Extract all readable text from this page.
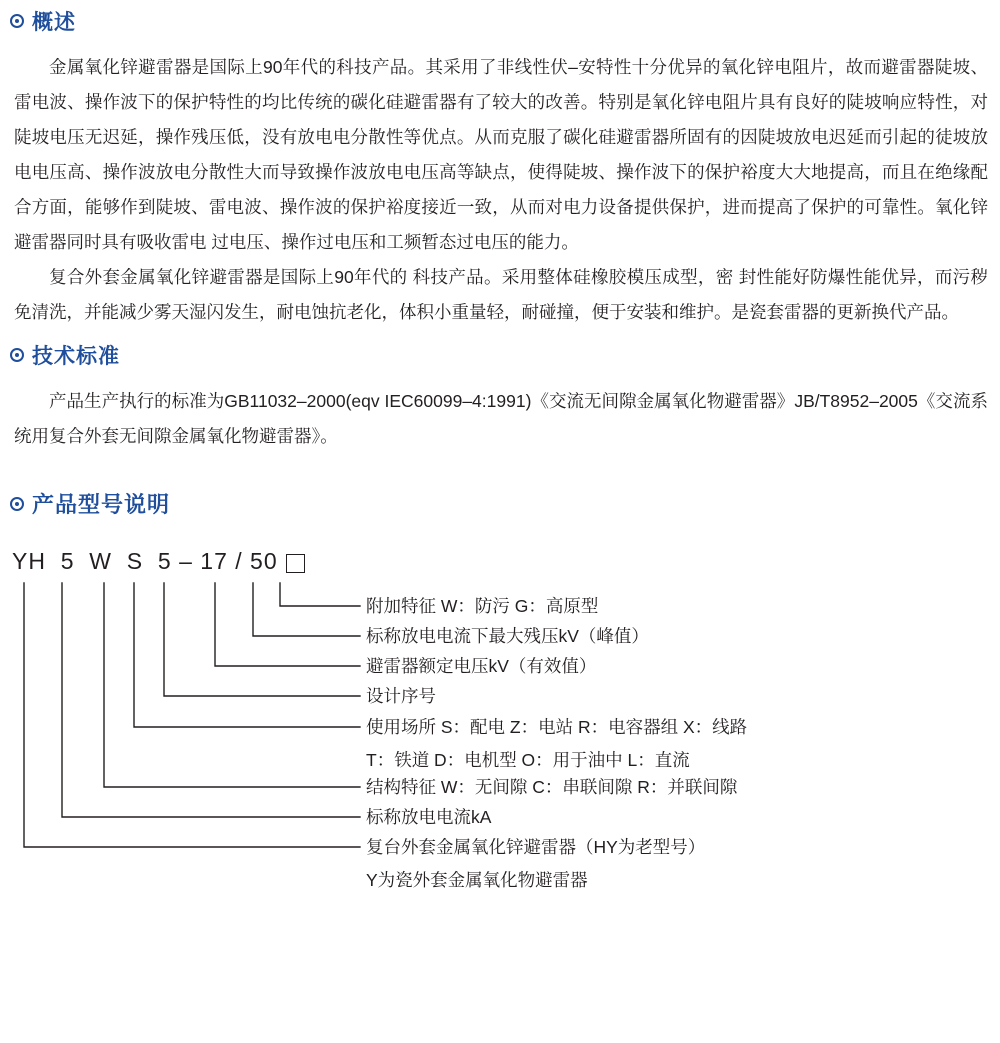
概述

金属氧化锌避雷器是国际上90年代的科技产品。其采用了非线性伏–安特性十分优异的氧化锌电阻片，故而避雷器陡坡、雷电波、操作波下的保护特性的均比传统的碳化硅避雷器有了较大的改善。特别是氧化锌电阻片具有良好的陡坡响应特性，对陡坡电压无迟延，操作残压低，没有放电电分散性等优点。从而克服了碳化硅避雷器所固有的因陡坡放电迟延而引起的徒坡放电电压高、操作波放电分散性大而导致操作波放电电压高等缺点，使得陡坡、操作波下的保护裕度大大地提高，而且在绝缘配合方面，能够作到陡坡、雷电波、操作波的保护裕度接近一致，从而对电力设备提供保护，进而提高了保护的可靠性。氧化锌避雷器同时具有吸收雷电 过电压、操作过电压和工频暂态过电压的能力。

复合外套金属氧化锌避雷器是国际上90年代的 科技产品。采用整体硅橡胶模压成型，密 封性能好防爆性能优异，而污秽免清洗，并能减少雾天湿闪发生，耐电蚀抗老化，体积小重量轻，耐碰撞，便于安装和维护。是瓷套雷器的更新换代产品。

技术标准

产品生产执行的标准为GB11032–2000(eqv IEC60099–4:1991)《交流无间隙金属氧化物避雷器》JB/T8952–2005《交流系统用复合外套无间隙金属氧化物避雷器》。

产品型号说明
YH  5  W  S  5 – 17 / 50
附加特征 W：防污 G：高原型
标称放电电流下最大残压kV（峰值）
避雷器额定电压kV（有效值）
设计序号
使用场所 S：配电 Z：电站 R：电容器组 X：线路
T：铁道 D：电机型 O：用于油中 L：直流
结构特征 W：无间隙 C：串联间隙 R：并联间隙
标称放电电流kA
复台外套金属氧化锌避雷器（HY为老型号）
Y为瓷外套金属氧化物避雷器
